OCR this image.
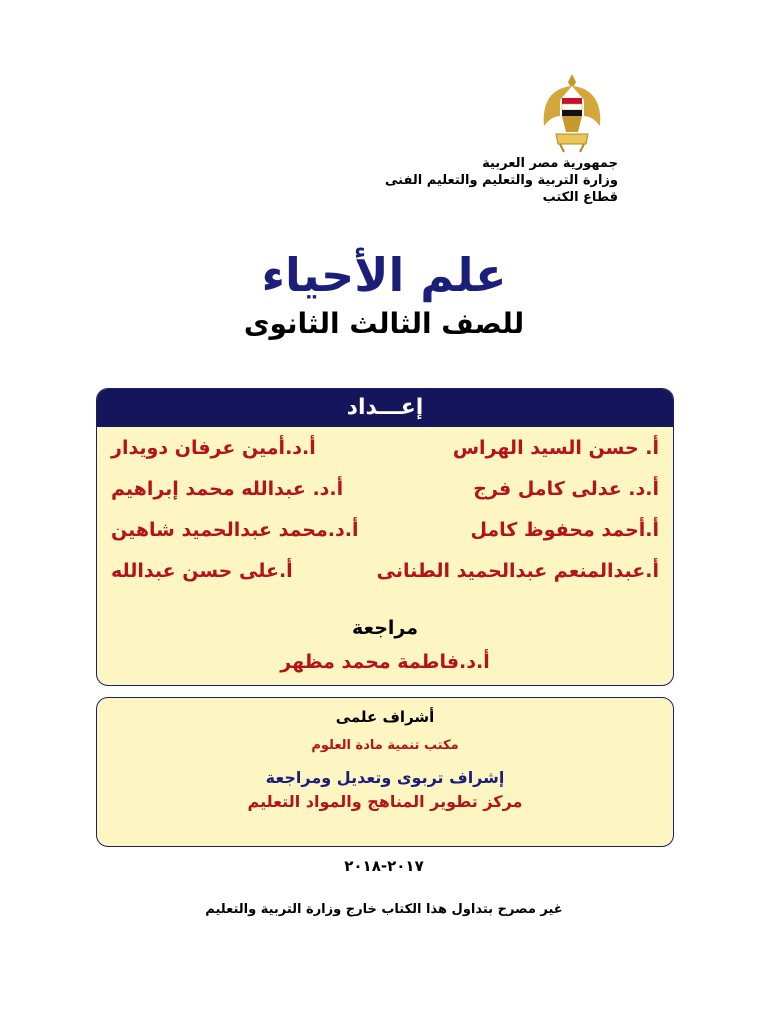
جمهورية مصر العربية
وزارة التربية والتعليم والتعليم الفنى
قطاع الكتب
علم الأحياء
للصف الثالث الثانوى
إعـــداد
أ. حسن السيد الهراس
أ.د.أمين عرفان دويدار
أ.د. عدلى كامل فرج
أ.د. عبدالله محمد إبراهيم
أ.أحمد محفوظ كامل
أ.د.محمد عبدالحميد شاهين
أ.عبدالمنعم عبدالحميد الطنانى
أ.على حسن عبدالله
مراجعة
أ.د.فاطمة محمد مظهر
أشراف علمى
مكتب تنمية مادة العلوم
إشراف تربوى وتعديل ومراجعة
مركز تطوير المناهج والمواد التعليم
٢٠١٧-٢٠١٨
غير مصرح بتداول هذا الكتاب خارج وزارة التربية والتعليم
